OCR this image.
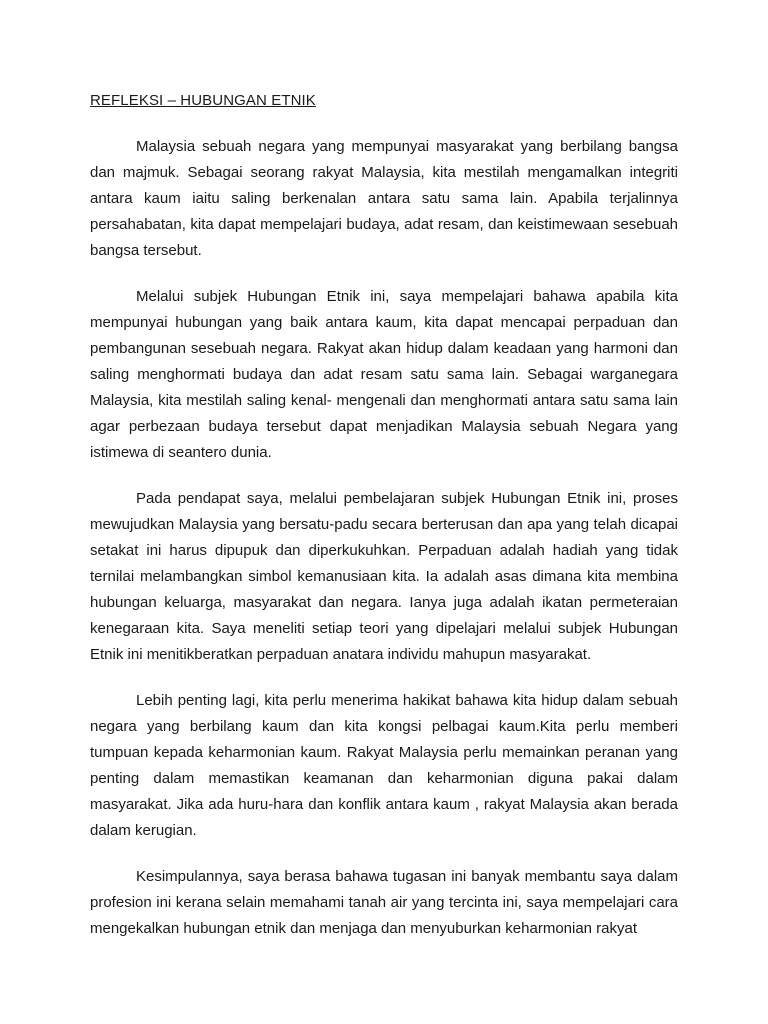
REFLEKSI – HUBUNGAN ETNIK

Malaysia sebuah negara yang mempunyai masyarakat yang berbilang bangsa dan majmuk. Sebagai seorang rakyat Malaysia, kita mestilah mengamalkan integriti antara kaum iaitu saling berkenalan antara satu sama lain. Apabila terjalinnya persahabatan, kita dapat mempelajari budaya, adat resam, dan keistimewaan sesebuah bangsa tersebut.

Melalui subjek Hubungan Etnik ini, saya mempelajari bahawa apabila kita mempunyai hubungan yang baik antara kaum, kita dapat mencapai perpaduan dan pembangunan sesebuah negara. Rakyat akan hidup dalam keadaan yang harmoni dan saling menghormati budaya dan adat resam satu sama lain. Sebagai warganegara Malaysia, kita mestilah saling kenal- mengenali dan menghormati antara satu sama lain agar perbezaan budaya tersebut dapat menjadikan Malaysia sebuah Negara yang istimewa di seantero dunia.

Pada pendapat saya, melalui pembelajaran subjek Hubungan Etnik ini, proses mewujudkan Malaysia yang bersatu-padu secara berterusan dan apa yang telah dicapai setakat ini harus dipupuk dan diperkukuhkan. Perpaduan adalah hadiah yang tidak ternilai melambangkan simbol kemanusiaan kita. Ia adalah asas dimana kita membina hubungan keluarga, masyarakat dan negara. Ianya juga adalah ikatan permeteraian kenegaraan kita. Saya meneliti setiap teori yang dipelajari melalui subjek Hubungan Etnik ini menitikberatkan perpaduan anatara individu mahupun masyarakat.

Lebih penting lagi, kita perlu menerima hakikat bahawa kita hidup dalam sebuah negara yang berbilang kaum dan kita kongsi pelbagai kaum.Kita perlu memberi tumpuan kepada keharmonian kaum. Rakyat Malaysia perlu memainkan peranan yang penting dalam memastikan keamanan dan keharmonian diguna pakai dalam masyarakat. Jika ada huru-hara dan konflik antara kaum , rakyat Malaysia akan berada dalam kerugian.

Kesimpulannya, saya berasa bahawa tugasan ini banyak membantu saya dalam profesion ini kerana selain memahami tanah air yang tercinta ini, saya mempelajari cara mengekalkan hubungan etnik dan menjaga dan menyuburkan keharmonian rakyat
